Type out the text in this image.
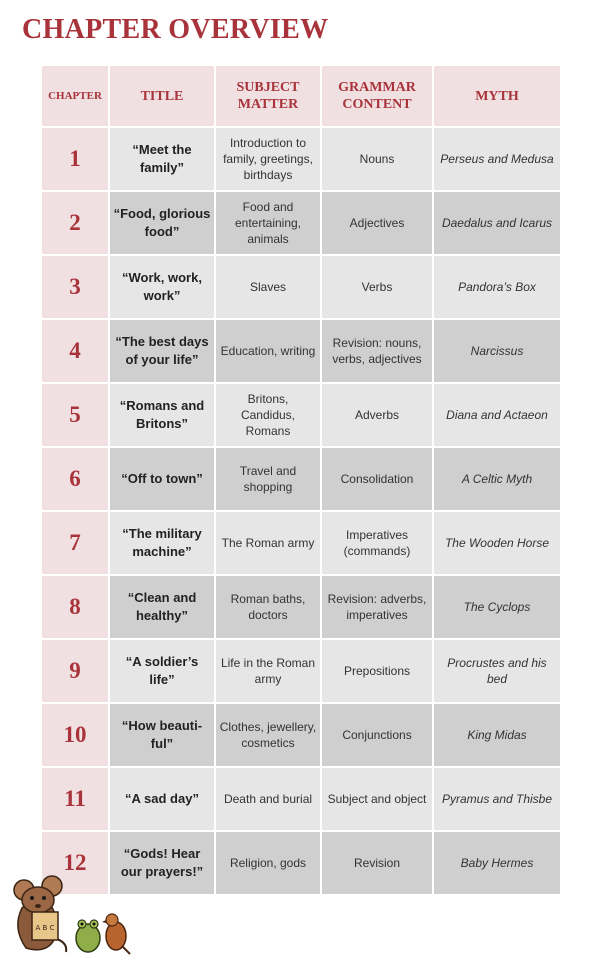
CHAPTER OVERVIEW
CHAPTER	TITLE	SUBJECT MATTER	GRAMMAR CONTENT	MYTH
1	“Meet the family”	Introduction to family, greetings, birthdays	Nouns	Perseus and Medusa
2	“Food, glorious food”	Food and entertaining, animals	Adjectives	Daedalus and Icarus
3	“Work, work, work”	Slaves	Verbs	Pandora’s Box
4	“The best days of your life”	Education, writing	Revision: nouns, verbs, adjectives	Narcissus
5	“Romans and Britons”	Britons, Candidus, Romans	Adverbs	Diana and Actaeon
6	“Off to town”	Travel and shopping	Consolidation	A Celtic Myth
7	“The military machine”	The Roman army	Imperatives (commands)	The Wooden Horse
8	“Clean and healthy”	Roman baths, doctors	Revision: adverbs, imperatives	The Cyclops
9	“A soldier’s life”	Life in the Roman army	Prepositions	Procrustes and his bed
10	“How beauti-ful”	Clothes, jewellery, cosmetics	Conjunctions	King Midas
11	“A sad day”	Death and burial	Subject and object	Pyramus and Thisbe
12	“Gods! Hear our prayers!”	Religion, gods	Revision	Baby Hermes
A B C
